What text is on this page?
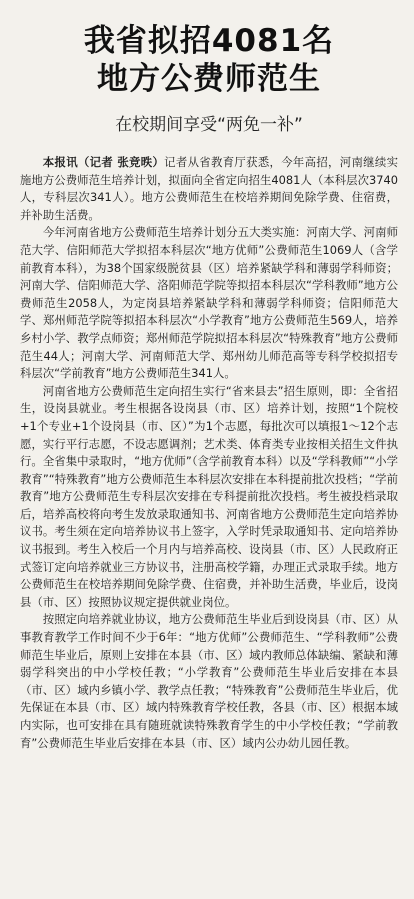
我省拟招4081名
地方公费师范生
在校期间享受“两免一补”

本报讯（记者 张竞昳）记者从省教育厅获悉，今年高招，河南继续实施地方公费师范生培养计划，拟面向全省定向招生4081人（本科层次3740人，专科层次341人）。地方公费师范生在校培养期间免除学费、住宿费，并补助生活费。

今年河南省地方公费师范生培养计划分五大类实施：河南大学、河南师范大学、信阳师范大学拟招本科层次“地方优师”公费师范生1069人（含学前教育本科），为38个国家级脱贫县（区）培养紧缺学科和薄弱学科师资；河南大学、信阳师范大学、洛阳师范学院等拟招本科层次“学科教师”地方公费师范生2058人，为定岗县培养紧缺学科和薄弱学科师资；信阳师范大学、郑州师范学院等拟招本科层次“小学教育”地方公费师范生569人，培养乡村小学、教学点师资；郑州师范学院拟招本科层次“特殊教育”地方公费师范生44人；河南大学、河南师范大学、郑州幼儿师范高等专科学校拟招专科层次“学前教育”地方公费师范生341人。

河南省地方公费师范生定向招生实行“省来县去”招生原则，即：全省招生，设岗县就业。考生根据各设岗县（市、区）培养计划，按照“1个院校+1个专业+1个设岗县（市、区）”为1个志愿，每批次可以填报1～12个志愿，实行平行志愿，不设志愿调剂；艺术类、体育类专业按相关招生文件执行。全省集中录取时，“地方优师”（含学前教育本科）以及“学科教师”“小学教育”“特殊教育”地方公费师范生本科层次安排在本科提前批次投档；“学前教育”地方公费师范生专科层次安排在专科提前批次投档。考生被投档录取后，培养高校将向考生发放录取通知书、河南省地方公费师范生定向培养协议书。考生须在定向培养协议书上签字，入学时凭录取通知书、定向培养协议书报到。考生入校后一个月内与培养高校、设岗县（市、区）人民政府正式签订定向培养就业三方协议书，注册高校学籍，办理正式录取手续。地方公费师范生在校培养期间免除学费、住宿费，并补助生活费，毕业后，设岗县（市、区）按照协议规定提供就业岗位。

按照定向培养就业协议，地方公费师范生毕业后到设岗县（市、区）从事教育教学工作时间不少于6年：“地方优师”公费师范生、“学科教师”公费师范生毕业后，原则上安排在本县（市、区）域内教师总体缺编、紧缺和薄弱学科突出的中小学校任教；“小学教育”公费师范生毕业后安排在本县（市、区）域内乡镇小学、教学点任教；“特殊教育”公费师范生毕业后，优先保证在本县（市、区）域内特殊教育学校任教，各县（市、区）根据本域内实际，也可安排在具有随班就读特殊教育学生的中小学校任教；“学前教育”公费师范生毕业后安排在本县（市、区）域内公办幼儿园任教。
